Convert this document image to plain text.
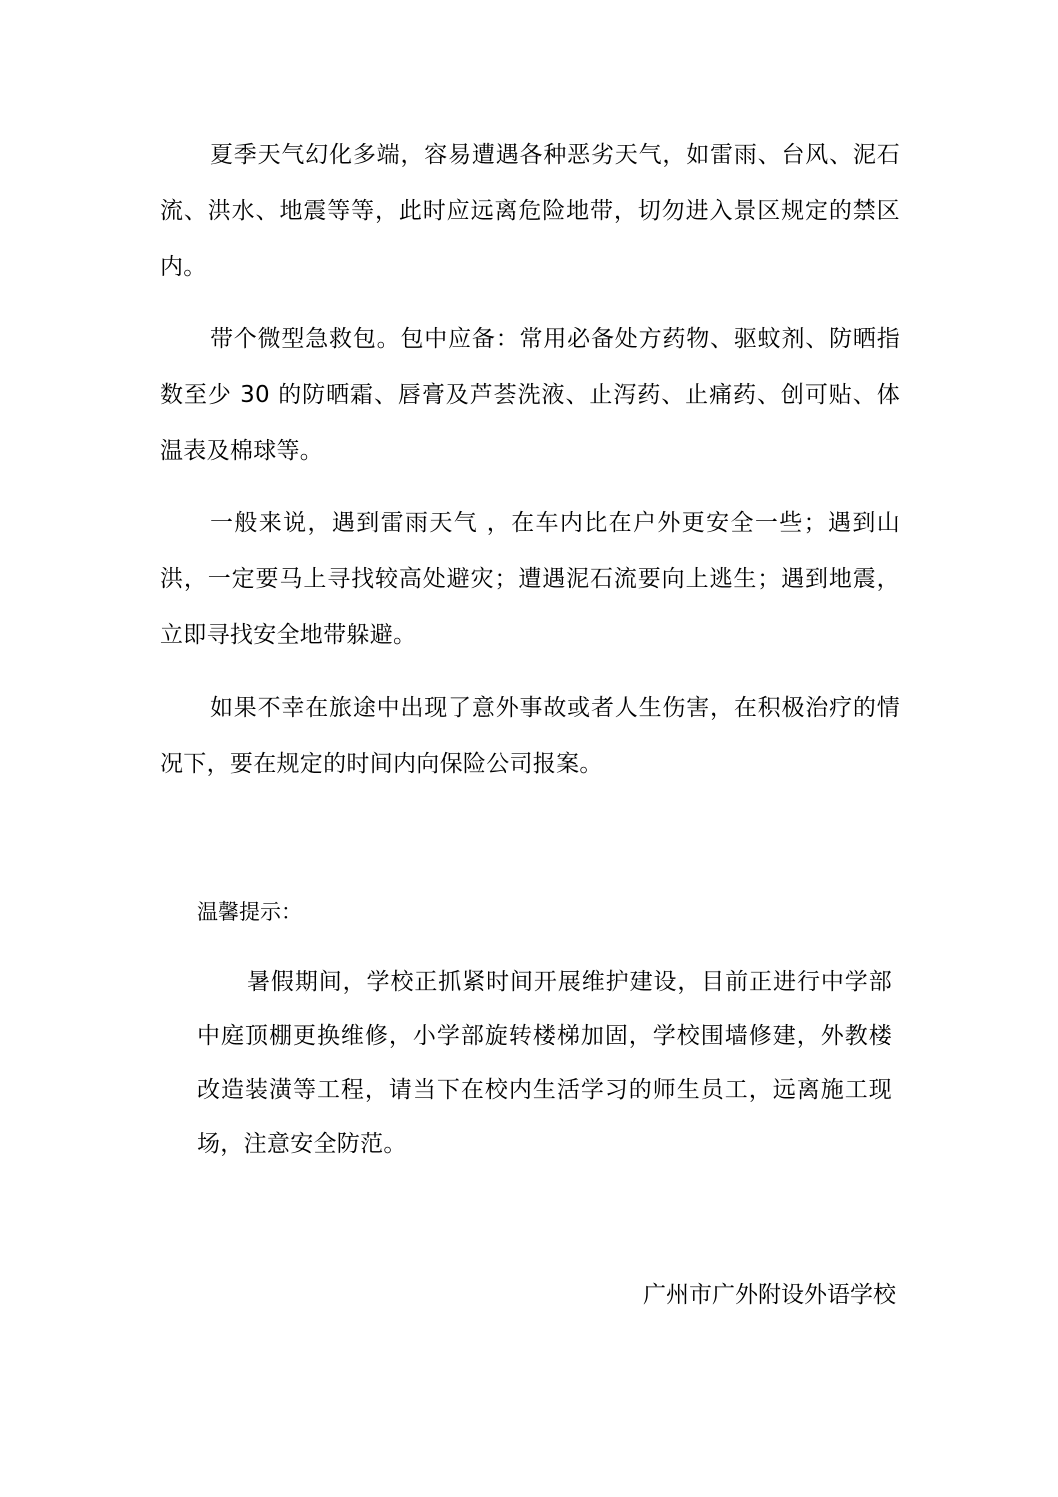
夏季天气幻化多端，容易遭遇各种恶劣天气，如雷雨、台风、泥石流、洪水、地震等等，此时应远离危险地带，切勿进入景区规定的禁区内。

带个微型急救包。包中应备：常用必备处方药物、驱蚊剂、防晒指数至少 30 的防晒霜、唇膏及芦荟洗液、止泻药、止痛药、创可贴、体温表及棉球等。

一般来说，遇到雷雨天气 ，在车内比在户外更安全一些；遇到山洪，一定要马上寻找较高处避灾；遭遇泥石流要向上逃生；遇到地震，立即寻找安全地带躲避。

如果不幸在旅途中出现了意外事故或者人生伤害，在积极治疗的情况下，要在规定的时间内向保险公司报案。

温馨提示：

暑假期间，学校正抓紧时间开展维护建设，目前正进行中学部中庭顶棚更换维修，小学部旋转楼梯加固，学校围墙修建，外教楼改造装潢等工程，请当下在校内生活学习的师生员工，远离施工现场，注意安全防范。

广州市广外附设外语学校
